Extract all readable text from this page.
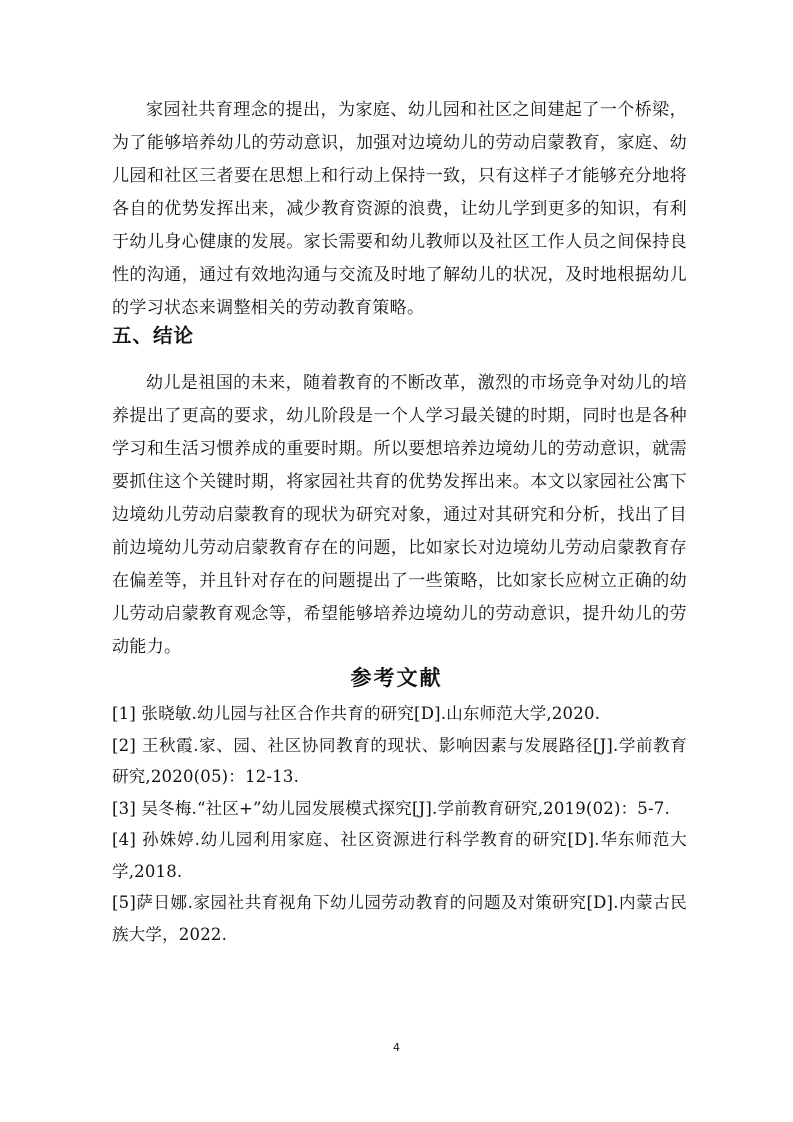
家园社共育理念的提出，为家庭、幼儿园和社区之间建起了一个桥梁，为了能够培养幼儿的劳动意识，加强对边境幼儿的劳动启蒙教育，家庭、幼儿园和社区三者要在思想上和行动上保持一致，只有这样子才能够充分地将各自的优势发挥出来，减少教育资源的浪费，让幼儿学到更多的知识，有利于幼儿身心健康的发展。家长需要和幼儿教师以及社区工作人员之间保持良性的沟通，通过有效地沟通与交流及时地了解幼儿的状况，及时地根据幼儿的学习状态来调整相关的劳动教育策略。

五、结论

幼儿是祖国的未来，随着教育的不断改革，激烈的市场竞争对幼儿的培养提出了更高的要求，幼儿阶段是一个人学习最关键的时期，同时也是各种学习和生活习惯养成的重要时期。所以要想培养边境幼儿的劳动意识，就需要抓住这个关键时期，将家园社共育的优势发挥出来。本文以家园社公寓下边境幼儿劳动启蒙教育的现状为研究对象，通过对其研究和分析，找出了目前边境幼儿劳动启蒙教育存在的问题，比如家长对边境幼儿劳动启蒙教育存在偏差等，并且针对存在的问题提出了一些策略，比如家长应树立正确的幼儿劳动启蒙教育观念等，希望能够培养边境幼儿的劳动意识，提升幼儿的劳动能力。

参考文献
[1] 张晓敏.幼儿园与社区合作共育的研究[D].山东师范大学,2020.
[2] 王秋霞.家、园、社区协同教育的现状、影响因素与发展路径[J].学前教育研究,2020(05)：12-13.
[3] 吴冬梅.“社区+”幼儿园发展模式探究[J].学前教育研究,2019(02)：5-7.
[4] 孙姝婷.幼儿园利用家庭、社区资源进行科学教育的研究[D].华东师范大学,2018.
[5]萨日娜.家园社共育视角下幼儿园劳动教育的问题及对策研究[D].内蒙古民族大学，2022.
4
